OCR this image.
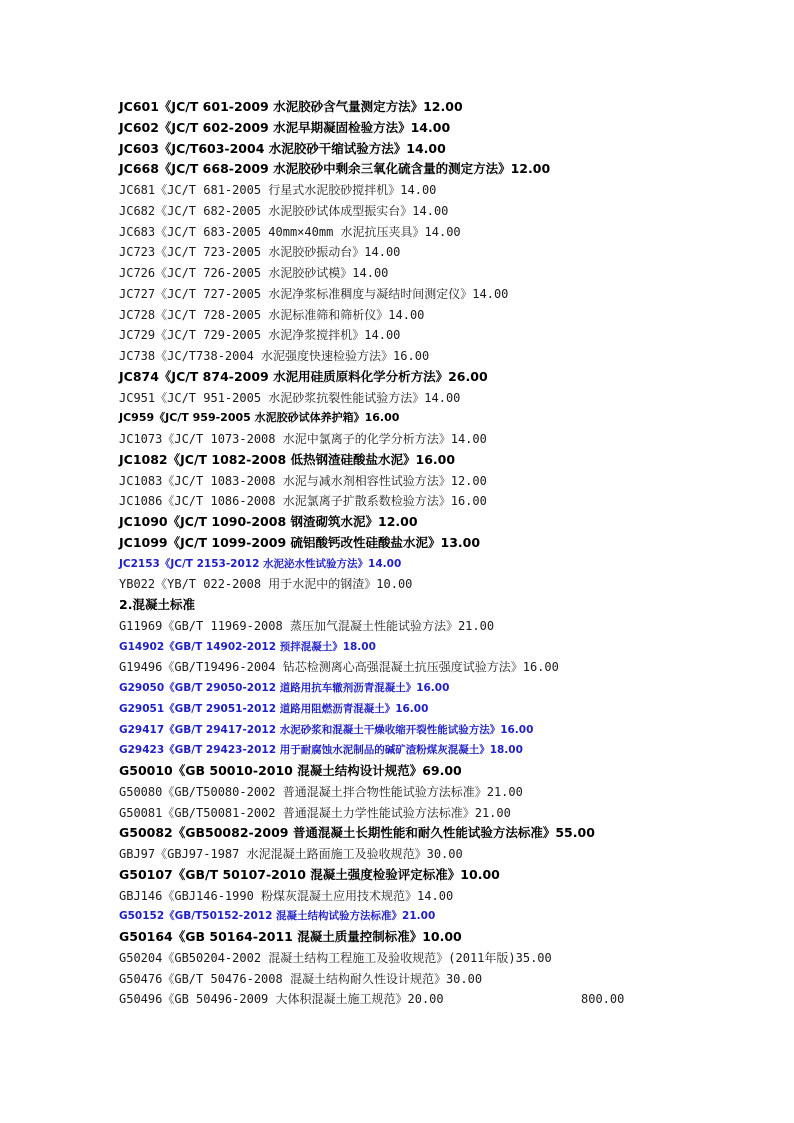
JC601《JC/T 601-2009 水泥胶砂含气量测定方法》12.00
JC602《JC/T 602-2009 水泥早期凝固检验方法》14.00
JC603《JC/T603-2004 水泥胶砂干缩试验方法》14.00
JC668《JC/T 668-2009 水泥胶砂中剩余三氧化硫含量的测定方法》12.00
JC681《JC/T 681-2005 行星式水泥胶砂搅拌机》14.00
JC682《JC/T 682-2005 水泥胶砂试体成型振实台》14.00
JC683《JC/T 683-2005 40mm×40mm 水泥抗压夹具》14.00
JC723《JC/T 723-2005 水泥胶砂振动台》14.00
JC726《JC/T 726-2005 水泥胶砂试模》14.00
JC727《JC/T 727-2005 水泥净浆标准稠度与凝结时间测定仪》14.00
JC728《JC/T 728-2005 水泥标准筛和筛析仪》14.00
JC729《JC/T 729-2005 水泥净浆搅拌机》14.00
JC738《JC/T738-2004 水泥强度快速检验方法》16.00
JC874《JC/T 874-2009 水泥用硅质原料化学分析方法》26.00
JC951《JC/T 951-2005 水泥砂浆抗裂性能试验方法》14.00
JC959《JC/T 959-2005 水泥胶砂试体养护箱》16.00
JC1073《JC/T 1073-2008 水泥中氯离子的化学分析方法》14.00
JC1082《JC/T 1082-2008 低热钢渣硅酸盐水泥》16.00
JC1083《JC/T 1083-2008 水泥与减水剂相容性试验方法》12.00
JC1086《JC/T 1086-2008 水泥氯离子扩散系数检验方法》16.00
JC1090《JC/T 1090-2008 钢渣砌筑水泥》12.00
JC1099《JC/T 1099-2009 硫铝酸钙改性硅酸盐水泥》13.00
JC2153《JC/T 2153-2012 水泥泌水性试验方法》14.00
YB022《YB/T 022-2008 用于水泥中的钢渣》10.00
2.混凝土标准
G11969《GB/T 11969-2008 蒸压加气混凝土性能试验方法》21.00
G14902《GB/T 14902-2012 预拌混凝土》18.00
G19496《GB/T19496-2004 钻芯检测离心高强混凝土抗压强度试验方法》16.00
G29050《GB/T 29050-2012 道路用抗车辙剂沥青混凝土》16.00
G29051《GB/T 29051-2012 道路用阻燃沥青混凝土》16.00
G29417《GB/T 29417-2012 水泥砂浆和混凝土干燥收缩开裂性能试验方法》16.00
G29423《GB/T 29423-2012 用于耐腐蚀水泥制品的碱矿渣粉煤灰混凝土》18.00
G50010《GB 50010-2010 混凝土结构设计规范》69.00
G50080《GB/T50080-2002 普通混凝土拌合物性能试验方法标准》21.00
G50081《GB/T50081-2002 普通混凝土力学性能试验方法标准》21.00
G50082《GB50082-2009 普通混凝土长期性能和耐久性能试验方法标准》55.00
GBJ97《GBJ97-1987 水泥混凝土路面施工及验收规范》30.00
G50107《GB/T 50107-2010 混凝土强度检验评定标准》10.00
GBJ146《GBJ146-1990 粉煤灰混凝土应用技术规范》14.00
G50152《GB/T50152-2012 混凝土结构试验方法标准》21.00
G50164《GB 50164-2011 混凝土质量控制标准》10.00
G50204《GB50204-2002 混凝土结构工程施工及验收规范》(2011年版)35.00
G50476《GB/T 50476-2008 混凝土结构耐久性设计规范》30.00
G50496《GB 50496-2009 大体积混凝土施工规范》20.00	800.00
